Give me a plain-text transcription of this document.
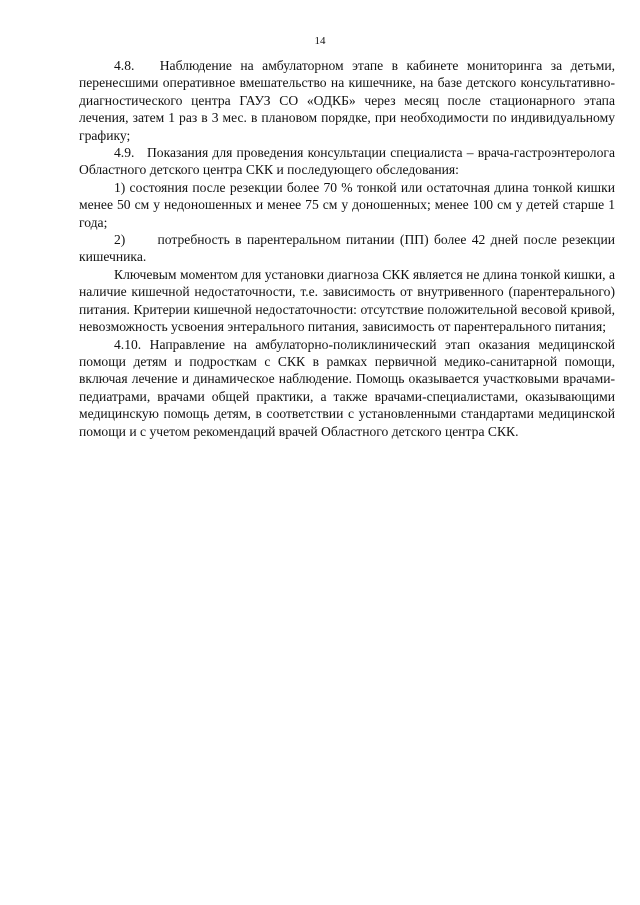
14

4.8.   Наблюдение на амбулаторном этапе в кабинете мониторинга за детьми, перенесшими оперативное вмешательство на кишечнике, на базе детского консультативно-диагностического центра ГАУЗ СО «ОДКБ» через месяц после стационарного этапа лечения, затем 1 раз в 3 мес. в плановом порядке, при необходимости по индивидуальному графику;

4.9.   Показания для проведения консультации специалиста – врача-гастроэнтеролога Областного детского центра СКК и последующего обследования:

1) состояния после резекции более 70 % тонкой или остаточная длина тонкой кишки менее 50 см у недоношенных и менее 75 см у доношенных; менее 100 см у детей старше 1 года;

2)      потребность в парентеральном питании (ПП) более 42 дней после резекции кишечника.

Ключевым моментом для установки диагноза СКК является не длина тонкой кишки, а наличие кишечной недостаточности, т.е. зависимость от внутривенного (парентерального) питания. Критерии кишечной недостаточности: отсутствие положительной весовой кривой, невозможность усвоения энтерального питания, зависимость от парентерального питания;

4.10. Направление на амбулаторно-поликлинический этап оказания медицинской помощи детям и подросткам с СКК в рамках первичной медико-санитарной помощи, включая лечение и динамическое наблюдение. Помощь оказывается участковыми врачами-педиатрами, врачами общей практики, а также врачами-специалистами, оказывающими медицинскую помощь детям, в соответствии с установленными стандартами медицинской помощи и с учетом рекомендаций врачей Областного детского центра СКК.
